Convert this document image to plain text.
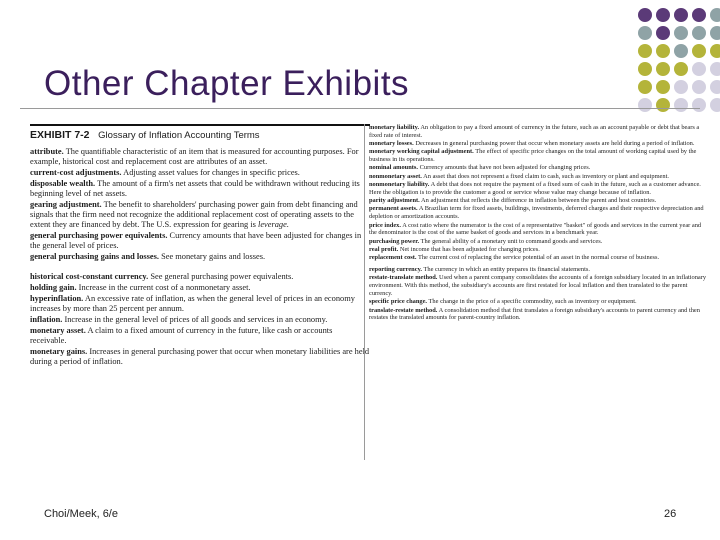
Other Chapter Exhibits
EXHIBIT 7-2 Glossary of Inflation Accounting Terms

attribute. The quantifiable characteristic of an item that is measured for accounting purposes. For example, historical cost and replacement cost are attributes of an asset.

current-cost adjustments. Adjusting asset values for changes in specific prices.

disposable wealth. The amount of a firm's net assets that could be withdrawn without reducing its beginning level of net assets.

gearing adjustment. The benefit to shareholders' purchasing power gain from debt financing and signals that the firm need not recognize the additional replacement cost of operating assets to the extent they are financed by debt. The U.S. expression for gearing is leverage.

general purchasing power equivalents. Currency amounts that have been adjusted for changes in the general level of prices.

general purchasing gains and losses. See monetary gains and losses.

historical cost-constant currency. See general purchasing power equivalents.

holding gain. Increase in the current cost of a nonmonetary asset.

hyperinflation. An excessive rate of inflation, as when the general level of prices in an economy increases by more than 25 percent per annum.

inflation. Increase in the general level of prices of all goods and services in an economy.

monetary asset. A claim to a fixed amount of currency in the future, like cash or accounts receivable.

monetary gains. Increases in general purchasing power that occur when monetary liabilities are held during a period of inflation.

monetary liability. An obligation to pay a fixed amount of currency in the future, such as an account payable or debt that bears a fixed rate of interest.

monetary losses. Decreases in general purchasing power that occur when monetary assets are held during a period of inflation.

monetary working capital adjustment. The effect of specific price changes on the total amount of working capital used by the business in its operations.

nominal amounts. Currency amounts that have not been adjusted for changing prices.

nonmonetary asset. An asset that does not represent a fixed claim to cash, such as inventory or plant and equipment.

nonmonetary liability. A debt that does not require the payment of a fixed sum of cash in the future, such as a customer advance. Here the obligation is to provide the customer a good or service whose value may change because of inflation.

parity adjustment. An adjustment that reflects the difference in inflation between the parent and host countries.

permanent assets. A Brazilian term for fixed assets, buildings, investments, deferred charges and their respective depreciation and depletion or amortization accounts.

price index. A cost ratio where the numerator is the cost of a representative "basket" of goods and services in the current year and the denominator is the cost of the same basket of goods and services in a benchmark year.

purchasing power. The general ability of a monetary unit to command goods and services.

real profit. Net income that has been adjusted for changing prices.

replacement cost. The current cost of replacing the service potential of an asset in the normal course of business.

reporting currency. The currency in which an entity prepares its financial statements.

restate-translate method. Used when a parent company consolidates the accounts of a foreign subsidiary located in an inflationary environment. With this method, the subsidiary's accounts are first restated for local inflation and then translated to the parent currency.

specific price change. The change in the price of a specific commodity, such as inventory or equipment.

translate-restate method. A consolidation method that first translates a foreign subsidiary's accounts to parent currency and then restates the translated amounts for parent-country inflation.

Choi/Meek, 6/e	26
